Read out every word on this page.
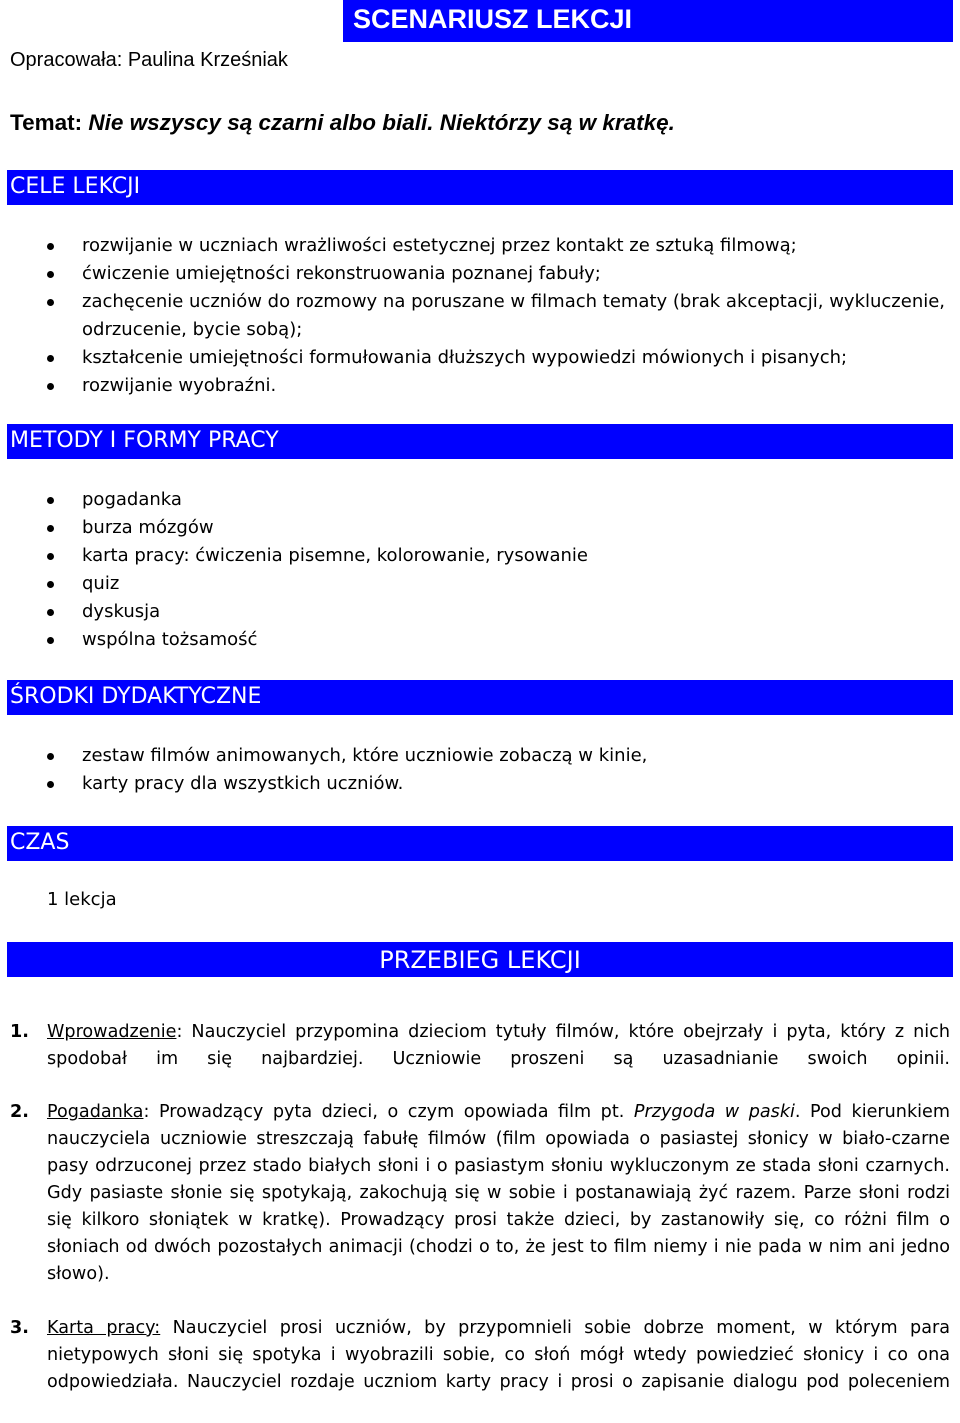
SCENARIUSZ LEKCJI
Opracowała: Paulina Krześniak
Temat: Nie wszyscy są czarni albo biali. Niektórzy są w kratkę.
CELE LEKCJI
rozwijanie w uczniach wrażliwości estetycznej przez kontakt ze sztuką filmową;
ćwiczenie umiejętności rekonstruowania poznanej fabuły;
zachęcenie uczniów do rozmowy na poruszane w filmach tematy (brak akceptacji, wykluczenie, odrzucenie, bycie sobą);
kształcenie umiejętności formułowania dłuższych wypowiedzi mówionych i pisanych;
rozwijanie wyobraźni.
METODY I FORMY PRACY
pogadanka
burza mózgów
karta pracy: ćwiczenia pisemne, kolorowanie, rysowanie
quiz
dyskusja
wspólna tożsamość
ŚRODKI DYDAKTYCZNE
zestaw filmów animowanych, które uczniowie zobaczą w kinie,
karty pracy dla wszystkich uczniów.
CZAS
1 lekcja
PRZEBIEG LEKCJI
1. Wprowadzenie: Nauczyciel przypomina dzieciom tytuły filmów, które obejrzały i pyta, który z nich spodobał im się najbardziej. Uczniowie proszeni są uzasadnianie swoich opinii.
2. Pogadanka: Prowadzący pyta dzieci, o czym opowiada film pt. Przygoda w paski. Pod kierunkiem nauczyciela uczniowie streszczają fabułę filmów (film opowiada o pasiastej słonicy w biało-czarne pasy odrzuconej przez stado białych słoni i o pasiastym słoniu wykluczonym ze stada słoni czarnych. Gdy pasiaste słonie się spotykają, zakochują się w sobie i postanawiają żyć razem. Parze słoni rodzi się kilkoro słoniątek w kratkę). Prowadzący prosi także dzieci, by zastanowiły się, co różni film o słoniach od dwóch pozostałych animacji (chodzi o to, że jest to film niemy i nie pada w nim ani jedno słowo).
3. Karta pracy: Nauczyciel prosi uczniów, by przypomnieli sobie dobrze moment, w którym para nietypowych słoni się spotyka i wyobrazili sobie, co słoń mógł wtedy powiedzieć słonicy i co ona odpowiedziała. Nauczyciel rozdaje uczniom karty pracy i prosi o zapisanie dialogu pod poleceniem
